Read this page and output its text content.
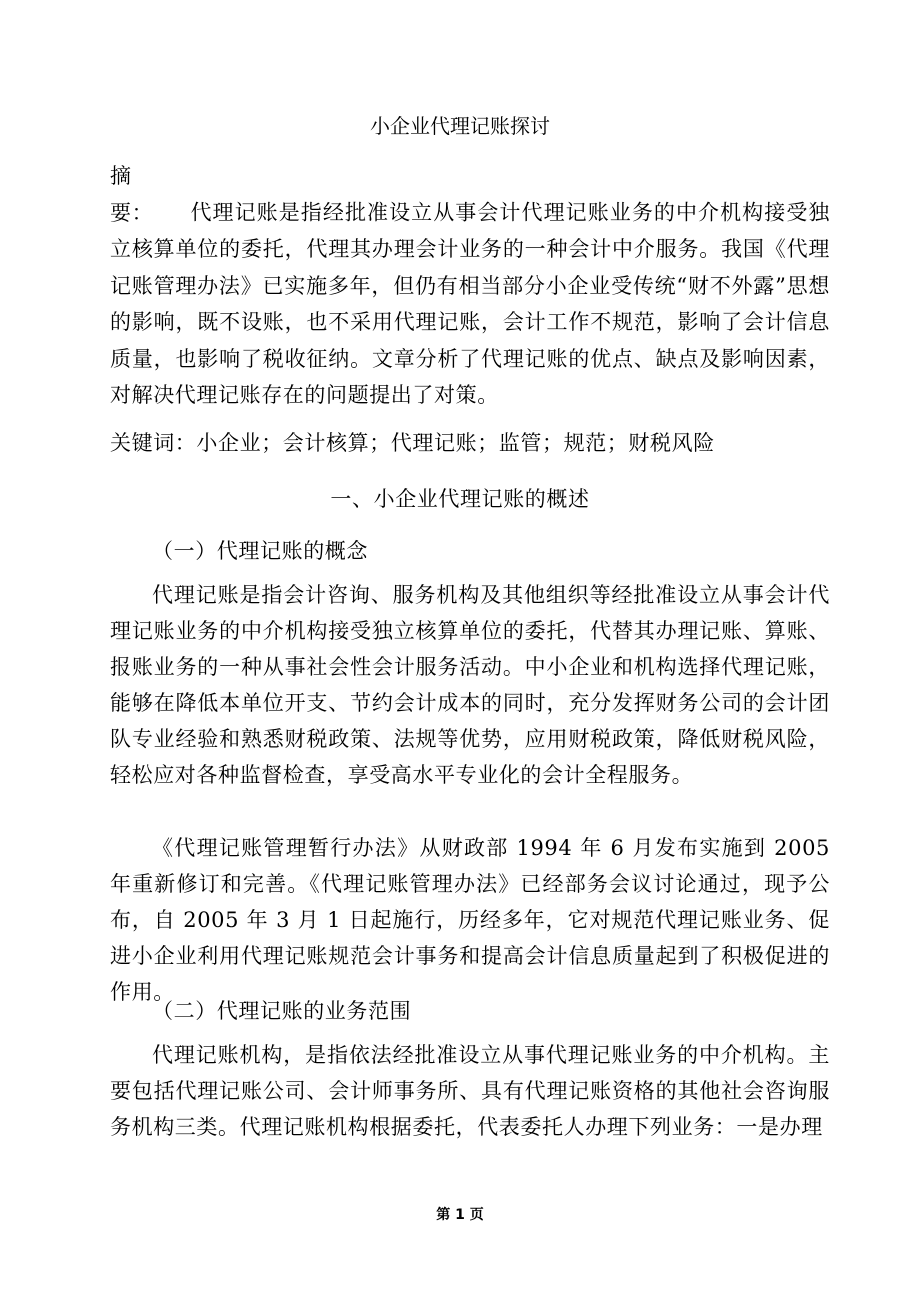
小企业代理记账探讨
摘　　要： 代理记账是指经批准设立从事会计代理记账业务的中介机构接受独立核算单位的委托，代理其办理会计业务的一种会计中介服务。我国《代理记账管理办法》已实施多年，但仍有相当部分小企业受传统“财不外露”思想的影响，既不设账，也不采用代理记账，会计工作不规范，影响了会计信息质量，也影响了税收征纳。文章分析了代理记账的优点、缺点及影响因素，对解决代理记账存在的问题提出了对策。
关键词：小企业；会计核算；代理记账；监管；规范；财税风险
一、小企业代理记账的概述
（一）代理记账的概念
代理记账是指会计咨询、服务机构及其他组织等经批准设立从事会计代理记账业务的中介机构接受独立核算单位的委托，代替其办理记账、算账、报账业务的一种从事社会性会计服务活动。中小企业和机构选择代理记账，能够在降低本单位开支、节约会计成本的同时，充分发挥财务公司的会计团队专业经验和熟悉财税政策、法规等优势，应用财税政策，降低财税风险，轻松应对各种监督检查，享受高水平专业化的会计全程服务。
《代理记账管理暂行办法》从财政部 1994 年 6 月发布实施到 2005 年重新修订和完善。《代理记账管理办法》已经部务会议讨论通过，现予公布，自 2005 年 3 月 1 日起施行，历经多年，它对规范代理记账业务、促进小企业利用代理记账规范会计事务和提高会计信息质量起到了积极促进的作用。
（二）代理记账的业务范围
代理记账机构，是指依法经批准设立从事代理记账业务的中介机构。主要包括代理记账公司、会计师事务所、具有代理记账资格的其他社会咨询服务机构三类。代理记账机构根据委托，代表委托人办理下列业务：一是办理
第 1 页
